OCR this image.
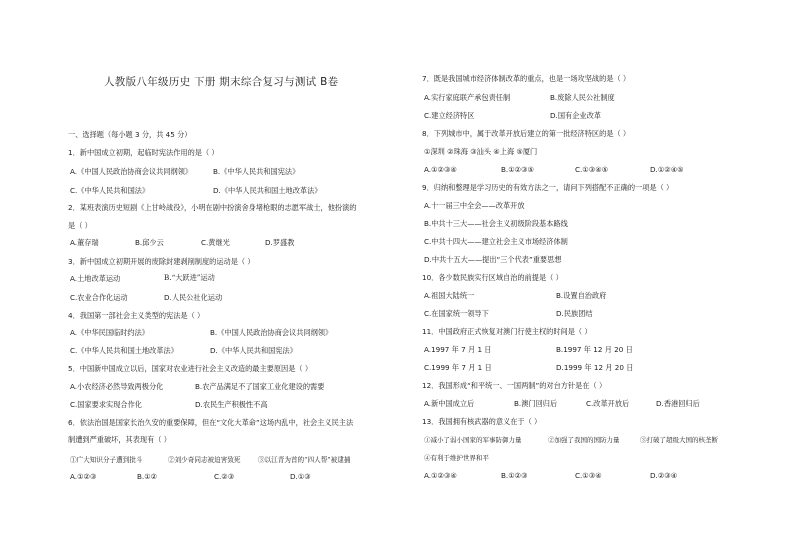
人教版八年级历史 下册 期末综合复习与测试 B卷
一、选择题（每小题 3 分，共 45 分）
1．新中国成立初期，起临时宪法作用的是（ ）
A.《中国人民政治协商会议共同纲领》	B.《中华人民共和国宪法》
C.《中华人民共和国法》	D.《中华人民共和国土地改革法》
2．某班表演历史短剧《上甘岭战役》，小明在剧中扮演舍身堵枪眼的志愿军战士，他扮演的
是（ ）
A.董存瑞	B.邱少云	C.黄继光	D.罗盛教
3．新中国成立初期开展的废除封建剥削制度的运动是（ ）
A.土地改革运动	B.“大跃进”运动
C.农业合作化运动	D.人民公社化运动
4．我国第一部社会主义类型的宪法是（ ）
A.《中华民国临时约法》	B.《中国人民政治协商会议共同纲领》
C.《中华人民共和国土地改革法》	D.《中华人民共和国宪法》
5．中国新中国成立以后，国家对农业进行社会主义改造的最主要原因是（ ）
A.小农经济必然导致两极分化	B.农产品满足不了国家工业化建设的需要
C.国家要求实现合作化	D.农民生产积极性不高
6．依法治国是国家长治久安的重要保障，但在“文化大革命”这场内乱中，社会主义民主法
制遭到严重破坏，其表现有（ ）
①广大知识分子遭到批斗	②刘少奇同志被迫害致死	③以江青为首的“四人帮”被逮捕
A.①②③	B.①②	C.②③	D.①③
7．既是我国城市经济体制改革的重点，也是一场攻坚战的是（ ）
A.实行家庭联产承包责任制	B.废除人民公社制度
C.建立经济特区	D.国有企业改革
8．下列城市中，属于改革开放后建立的第一批经济特区的是（ ）
①深圳 ②珠海 ③汕头 ④上海 ⑤厦门
A.①②③④	B.①②③⑤	C.①③④⑤	D.①②④⑤
9．归纳和整理是学习历史的有效方法之一，请问下列搭配不正确的一项是（ ）
A.十一届三中全会——改革开放
B.中共十三大——社会主义初级阶段基本路线
C.中共十四大——建立社会主义市场经济体制
D.中共十五大——提出“三个代表”重要思想
10．各少数民族实行区域自治的前提是（ ）
A.祖国大陆统一	B.设置自治政府
C.在国家统一领导下	D.民族团结
11．中国政府正式恢复对澳门行使主权的时间是（ ）
A.1997 年 7 月 1 日	B.1997 年 12 月 20 日
C.1999 年 7 月 1 日	D.1999 年 12 月 20 日
12．我国形成“和平统一、一国两制”的对台方针是在（ ）
A.新中国成立后	B.澳门回归后	C.改革开放后	D.香港回归后
13．我国拥有核武器的意义在于（ ）
①减小了弱小国家的军事防御力量	②加强了我国的国防力量	③打破了超级大国的核垄断
④有利于维护世界和平
A.①②③④	B.①②③	C.①③④	D.②③④
